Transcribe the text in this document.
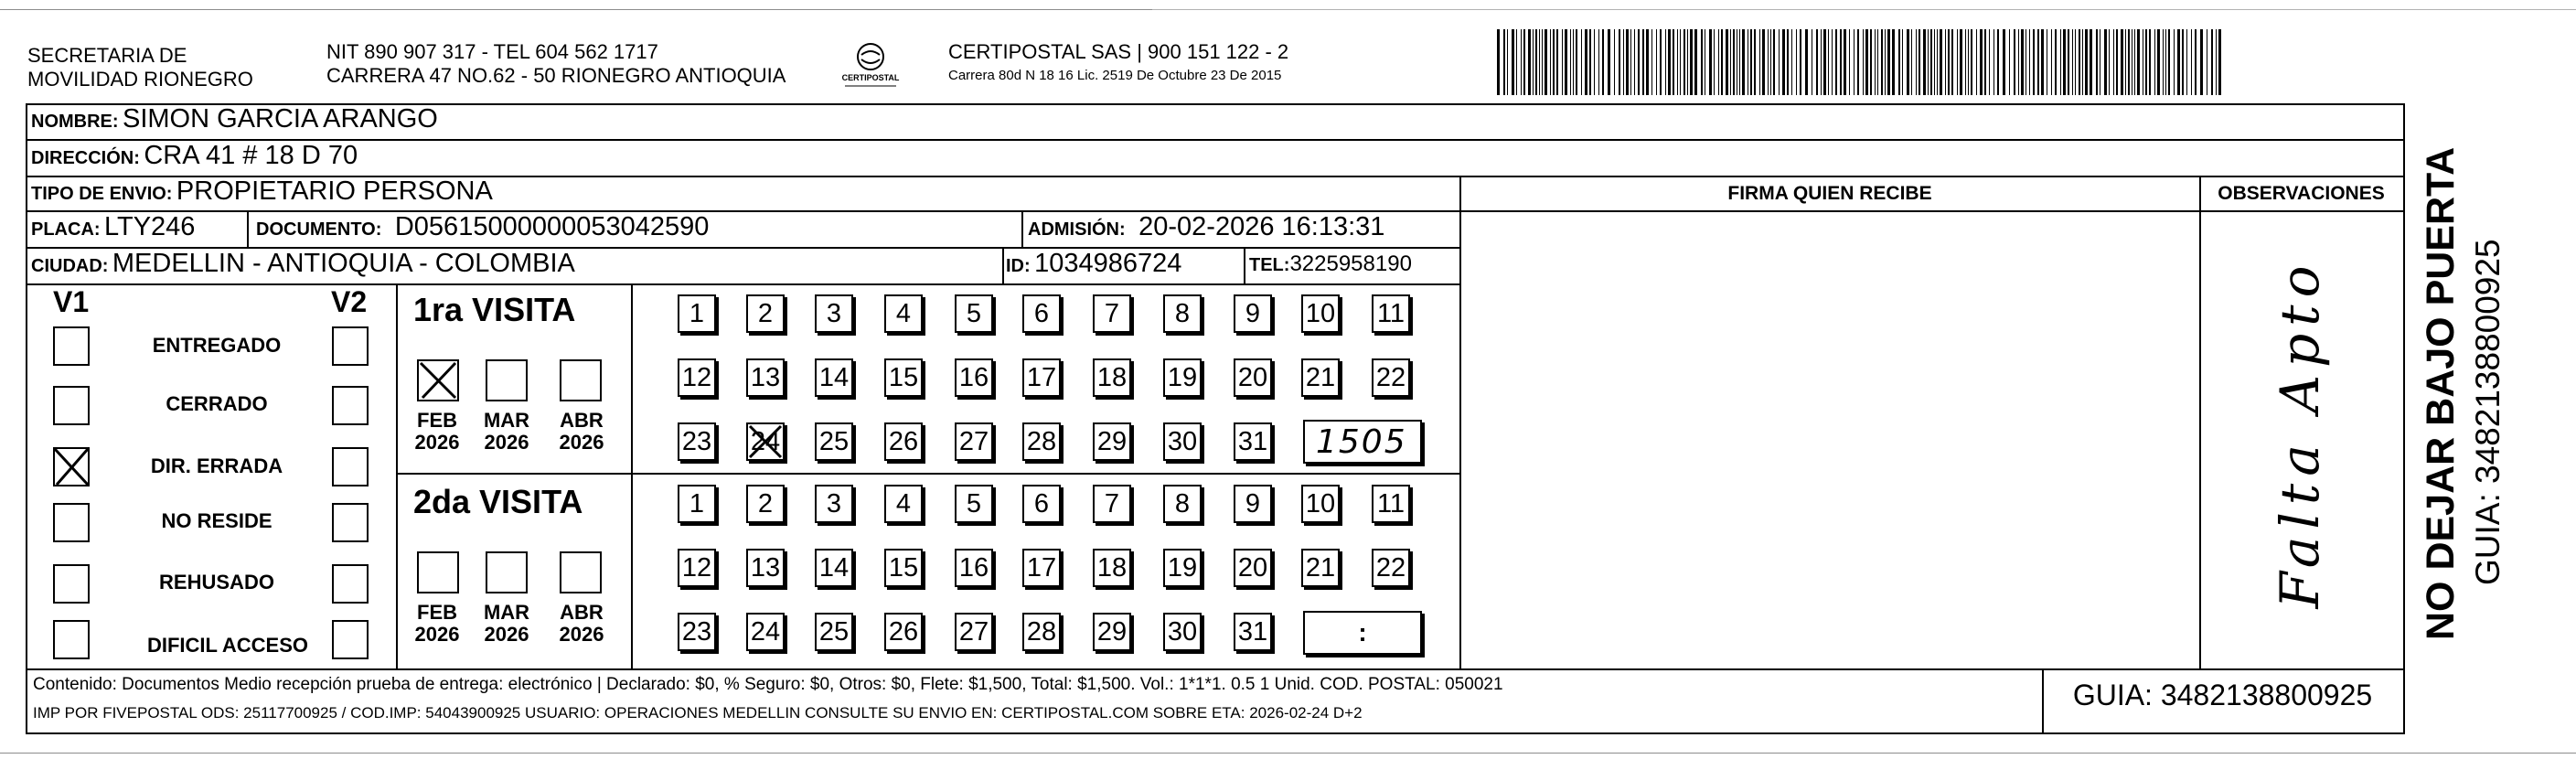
SECRETARIA DE
MOVILIDAD RIONEGRO
NIT 890 907 317 - TEL 604 562 1717
CARRERA 47 NO.62 - 50 RIONEGRO ANTIOQUIA	CERTIPOSTAL
CERTIPOSTAL SAS | 900 151 122 - 2
Carrera 80d N 18 16 Lic. 2519 De Octubre 23 De 2015
NOMBRE: SIMON GARCIA ARANGO
DIRECCIÓN: CRA 41 # 18 D 70
TIPO DE ENVIO: PROPIETARIO PERSONA	FIRMA QUIEN RECIBE	OBSERVACIONES
PLACA: LTY246	DOCUMENTO: D05615000000053042590	ADMISIÓN: 20-02-2026 16:13:31
CIUDAD: MEDELLIN - ANTIOQUIA - COLOMBIA	ID: 1034986724	TEL:3225958190
V1	V2
ENTREGADO
CERRADO
DIR. ERRADA
NO RESIDE
REHUSADO
DIFICIL ACCESO
1ra VISITA
FEB
2026
MAR
2026
ABR
2026
1	2	3	4	5	6	7	8	9	10 11
12 13 14 15 16 17 18 19 20 21 22
23 24 25 26 27 28 29 30 31 1505
2da VISITA
FEB
2026
MAR
2026
ABR
2026
1	2	3	4	5	6	7	8	9	10 11
12 13 14 15 16 17 18 19 20 21 22
23 24 25 26 27 28 29 30 31	:
Falta Apto NO DEJAR BAJO PUERTA GUIA: 3482138800925
Contenido: Documentos Medio recepción prueba de entrega: electrónico | Declarado: $0, % Seguro: $0, Otros: $0, Flete: $1,500, Total: $1,500. Vol.: 1*1*1. 0.5 1 Unid. COD. POSTAL: 050021
IMP POR FIVEPOSTAL ODS: 25117700925 / COD.IMP: 54043900925 USUARIO: OPERACIONES MEDELLIN CONSULTE SU ENVIO EN: CERTIPOSTAL.COM SOBRE ETA: 2026-02-24 D+2
GUIA: 3482138800925
